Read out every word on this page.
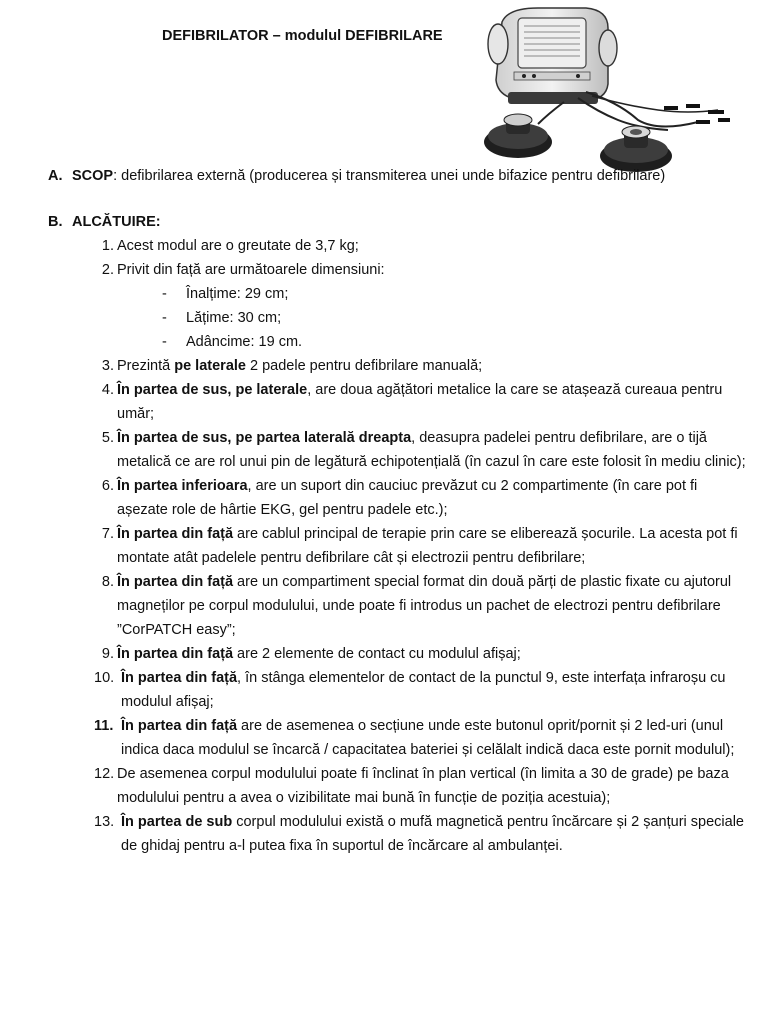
DEFIBRILATOR – modulul DEFIBRILARE
A. SCOP: defibrilarea externă (producerea și transmiterea unei unde bifazice pentru defibrilare)
B. ALCĂTUIRE:
1. Acest modul are o greutate de 3,7 kg;
2. Privit din față are următoarele dimensiuni:
- Înalțime: 29 cm;
- Lățime: 30 cm;
- Adâncime: 19 cm.
3. Prezintă pe laterale 2 padele pentru defibrilare manuală;
4. În partea de sus, pe laterale, are doua agățători metalice la care se atașează cureaua pentru umăr;
5. În partea de sus, pe partea laterală dreapta, deasupra padelei pentru defibrilare, are o tijă metalică ce are rol unui pin de legătură echipotențială (în cazul în care este folosit în mediu clinic);
6. În partea inferioara, are un suport din cauciuc prevăzut cu 2 compartimente (în care pot fi așezate role de hârtie EKG, gel pentru padele etc.);
7. În partea din față are cablul principal de terapie prin care se eliberează șocurile. La acesta pot fi montate atât padelele pentru defibrilare cât și electrozii pentru defibrilare;
8. În partea din față are un compartiment special format din două părți de plastic fixate cu ajutorul magneților pe corpul modulului, unde poate fi introdus un pachet de electrozi pentru defibrilare ”CorPATCH easy”;
9. În partea din față are 2 elemente de contact cu modulul afișaj;
10. În partea din față, în stânga elementelor de contact de la punctul 9, este interfața infraroșu cu modulul afișaj;
11. În partea din față are de asemenea o secțiune unde este butonul oprit/pornit și 2 led-uri (unul indica daca modulul se încarcă / capacitatea bateriei și celălalt indică daca este pornit modulul);
12. De asemenea corpul modulului poate fi înclinat în plan vertical (în limita a 30 de grade) pe baza modulului pentru a avea o vizibilitate mai bună în funcție de poziția acestuia);
13. În partea de sub corpul modulului există o mufă magnetică pentru încărcare și 2 șanțuri speciale de ghidaj pentru a-l putea fixa în suportul de încărcare al ambulanței.
